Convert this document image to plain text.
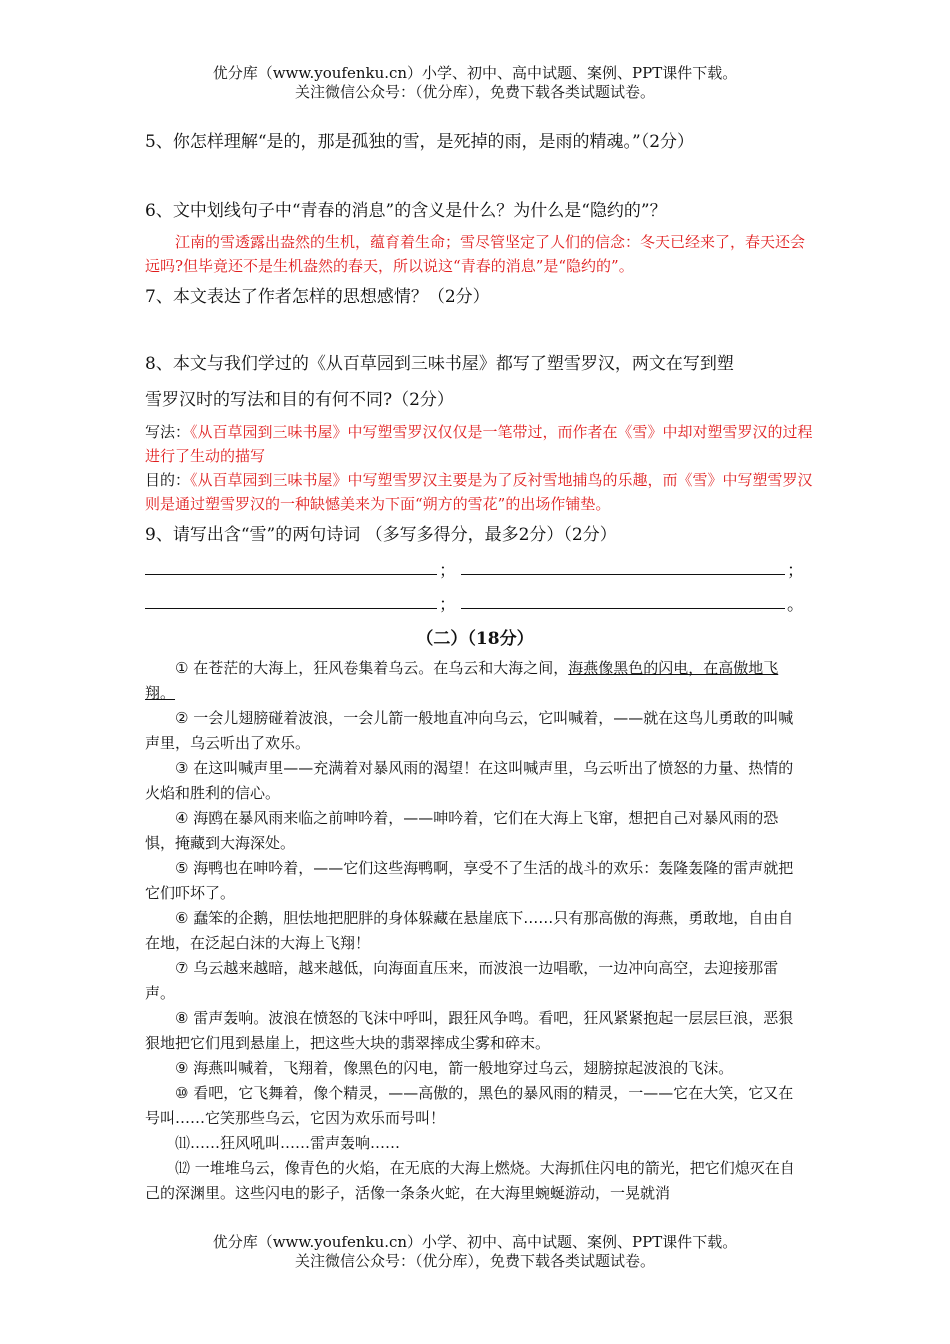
优分库（www.youfenku.cn）小学、初中、高中试题、案例、PPT课件下载。
关注微信公众号：（优分库），免费下载各类试题试卷。
5、你怎样理解“是的，那是孤独的雪，是死掉的雨，是雨的精魂。”（2分）
6、文中划线句子中“青春的消息”的含义是什么？为什么是“隐约的”？
江南的雪透露出盎然的生机，蕴育着生命；雪尽管坚定了人们的信念：冬天已经来了，春天还会远吗?但毕竟还不是生机盎然的春天，所以说这“青春的消息”是“隐约的”。
7、本文表达了作者怎样的思想感情？（2分）
8、本文与我们学过的《从百草园到三味书屋》都写了塑雪罗汉，两文在写到塑
雪罗汉时的写法和目的有何不同?（2分）
写法：《从百草园到三味书屋》中写塑雪罗汉仅仅是一笔带过，而作者在《雪》中却对塑雪罗汉的过程进行了生动的描写
目的：《从百草园到三味书屋》中写塑雪罗汉主要是为了反衬雪地捕鸟的乐趣，而《雪》中写塑雪罗汉则是通过塑雪罗汉的一种缺憾美来为下面“朔方的雪花”的出场作铺垫。
9、请写出含“雪”的两句诗词 （多写多得分，最多2分）（2分）
；	；
；	。
（二）（18分）
① 在苍茫的大海上，狂风卷集着乌云。在乌云和大海之间，海燕像黑色的闪电，在高傲地飞翔。
② 一会儿翅膀碰着波浪，一会儿箭一般地直冲向乌云，它叫喊着，——就在这鸟儿勇敢的叫喊声里，乌云听出了欢乐。
③ 在这叫喊声里——充满着对暴风雨的渴望！在这叫喊声里，乌云听出了愤怒的力量、热情的火焰和胜利的信心。
④ 海鸥在暴风雨来临之前呻吟着，——呻吟着，它们在大海上飞窜，想把自己对暴风雨的恐惧，掩藏到大海深处。
⑤ 海鸭也在呻吟着，——它们这些海鸭啊，享受不了生活的战斗的欢乐：轰隆轰隆的雷声就把它们吓坏了。
⑥ 蠢笨的企鹅，胆怯地把肥胖的身体躲藏在悬崖底下……只有那高傲的海燕，勇敢地，自由自在地，在泛起白沫的大海上飞翔！
⑦ 乌云越来越暗，越来越低，向海面直压来，而波浪一边唱歌，一边冲向高空，去迎接那雷声。
⑧ 雷声轰响。波浪在愤怒的飞沫中呼叫，跟狂风争鸣。看吧，狂风紧紧抱起一层层巨浪，恶狠狠地把它们甩到悬崖上，把这些大块的翡翠摔成尘雾和碎末。
⑨ 海燕叫喊着，飞翔着，像黑色的闪电，箭一般地穿过乌云，翅膀掠起波浪的飞沫。
⑩ 看吧，它飞舞着，像个精灵，——高傲的，黑色的暴风雨的精灵，一——它在大笑，它又在号叫……它笑那些乌云，它因为欢乐而号叫！
⑾……狂风吼叫……雷声轰响……
⑿ 一堆堆乌云，像青色的火焰，在无底的大海上燃烧。大海抓住闪电的箭光，把它们熄灭在自己的深渊里。这些闪电的影子，活像一条条火蛇，在大海里蜿蜒游动，一晃就消
优分库（www.youfenku.cn）小学、初中、高中试题、案例、PPT课件下载。
关注微信公众号：（优分库），免费下载各类试题试卷。
